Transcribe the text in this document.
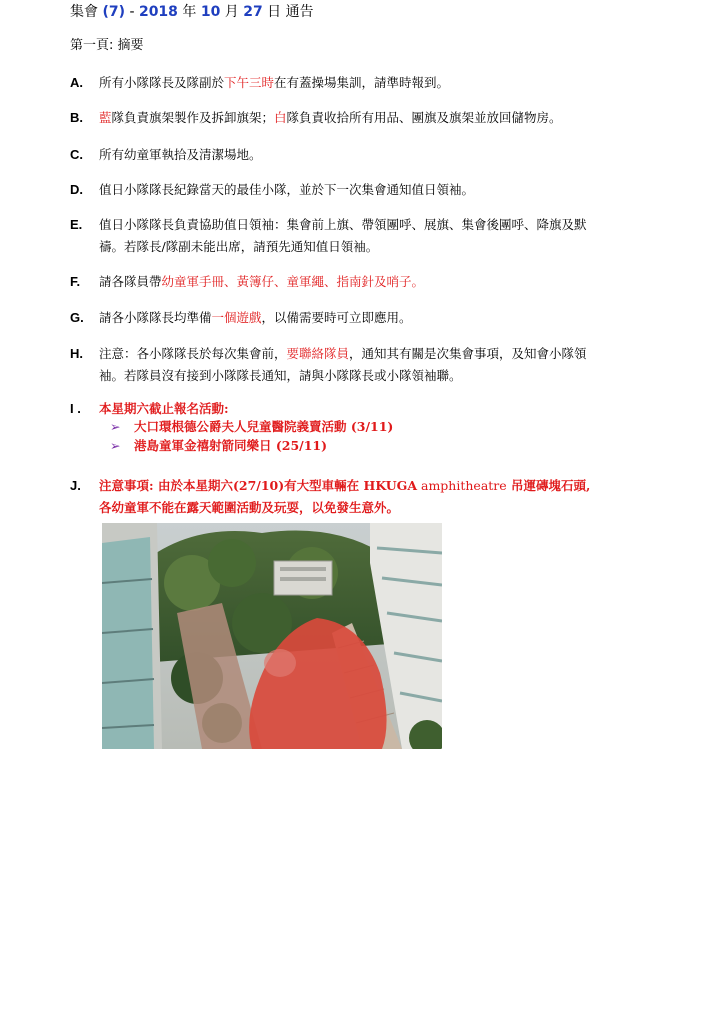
集會 (7) - 2018 年 10 月 27 日 通告
第一頁: 摘要
A.	所有小隊隊長及隊副於下午三時在有蓋操場集訓，請準時報到。
B.	藍隊負責旗架製作及拆卸旗架；白隊負責收拾所有用品、團旗及旗架並放回儲物房。
C.	所有幼童軍執拾及清潔場地。
D.	值日小隊隊長紀錄當天的最佳小隊，並於下一次集會通知值日領袖。
E.	值日小隊隊長負責協助值日領袖：集會前上旗、帶領團呼、展旗、集會後團呼、降旗及默
禱。若隊長/隊副未能出席，請預先通知值日領袖。
F.	請各隊員帶幼童軍手冊、黃簿仔、童軍繩、指南針及哨子。
G.	請各小隊隊長均準備一個遊戲，以備需要時可立即應用。
H.	注意：各小隊隊長於每次集會前，要聯絡隊員，通知其有關是次集會事項，及知會小隊領
袖。若隊員沒有接到小隊隊長通知，請與小隊隊長或小隊領袖聯。
I .	本星期六截止報名活動:
➢ 大口環根德公爵夫人兒童醫院義賣活動 (3/11)
➢ 港島童軍金禧射箭同樂日 (25/11)
J.	注意事項: 由於本星期六(27/10)有大型車輛在 HKUGA amphitheatre 吊運磚塊石頭,
各幼童軍不能在露天範圍活動及玩耍，以免發生意外。
